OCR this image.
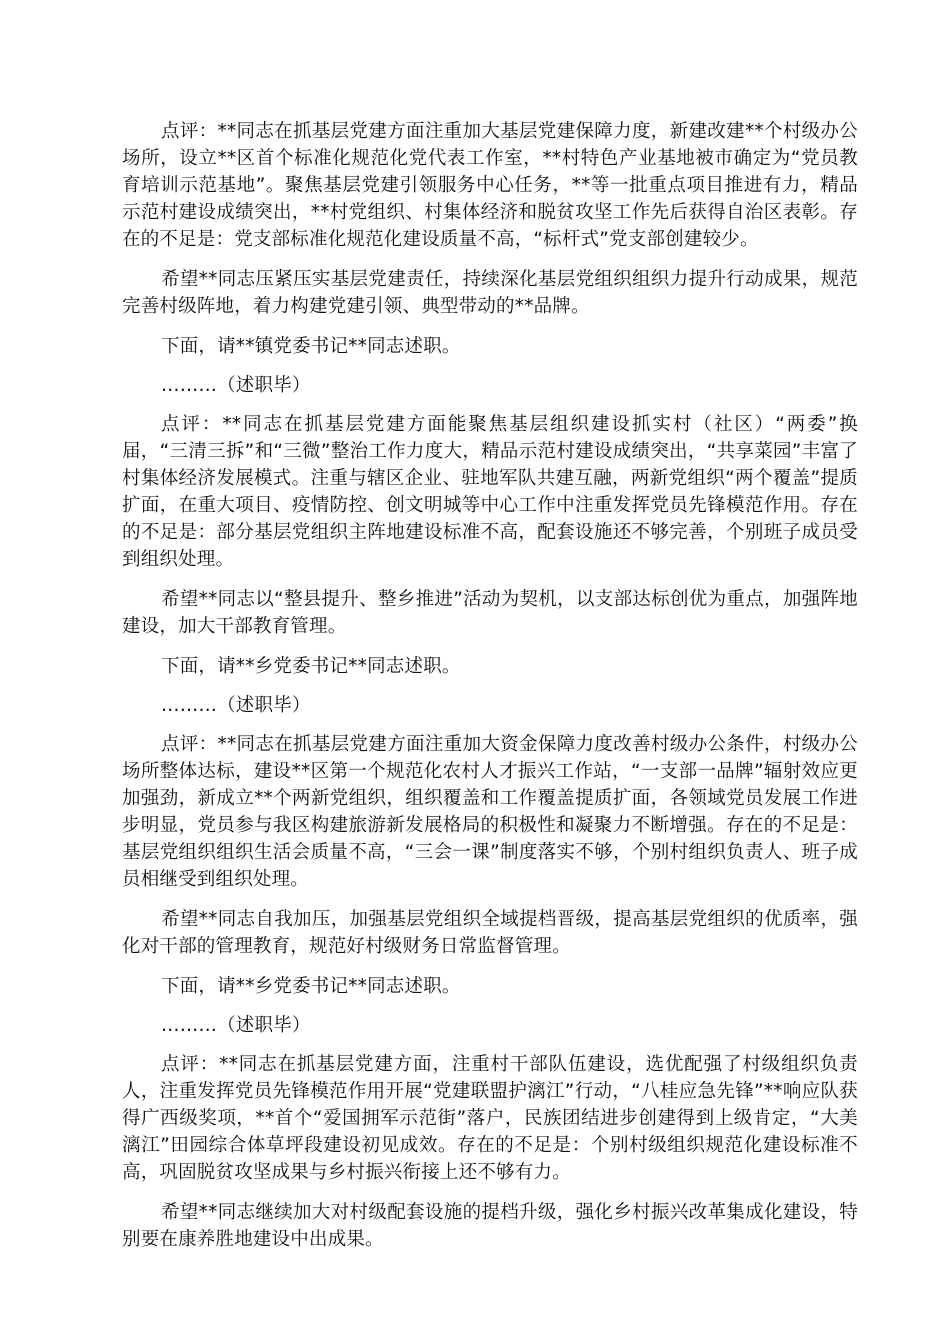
点评：**同志在抓基层党建方面注重加大基层党建保障力度，新建改建**个村级办公场所，设立**区首个标准化规范化党代表工作室，**村特色产业基地被市确定为“党员教育培训示范基地”。聚焦基层党建引领服务中心任务，**等一批重点项目推进有力，精品示范村建设成绩突出，**村党组织、村集体经济和脱贫攻坚工作先后获得自治区表彰。存在的不足是：党支部标准化规范化建设质量不高，“标杆式”党支部创建较少。

希望**同志压紧压实基层党建责任，持续深化基层党组织组织力提升行动成果，规范完善村级阵地，着力构建党建引领、典型带动的**品牌。

下面，请**镇党委书记**同志述职。

………（述职毕）

点评：**同志在抓基层党建方面能聚焦基层组织建设抓实村（社区）“两委”换届，“三清三拆”和“三微”整治工作力度大，精品示范村建设成绩突出，“共享菜园”丰富了村集体经济发展模式。注重与辖区企业、驻地军队共建互融，两新党组织“两个覆盖”提质扩面，在重大项目、疫情防控、创文明城等中心工作中注重发挥党员先锋模范作用。存在的不足是：部分基层党组织主阵地建设标准不高，配套设施还不够完善，个别班子成员受到组织处理。

希望**同志以“整县提升、整乡推进”活动为契机，以支部达标创优为重点，加强阵地建设，加大干部教育管理。

下面，请**乡党委书记**同志述职。

………（述职毕）

点评：**同志在抓基层党建方面注重加大资金保障力度改善村级办公条件，村级办公场所整体达标，建设**区第一个规范化农村人才振兴工作站，“一支部一品牌”辐射效应更加强劲，新成立**个两新党组织，组织覆盖和工作覆盖提质扩面，各领域党员发展工作进步明显，党员参与我区构建旅游新发展格局的积极性和凝聚力不断增强。存在的不足是：基层党组织组织生活会质量不高，“三会一课”制度落实不够，个别村组织负责人、班子成员相继受到组织处理。

希望**同志自我加压，加强基层党组织全域提档晋级，提高基层党组织的优质率，强化对干部的管理教育，规范好村级财务日常监督管理。

下面，请**乡党委书记**同志述职。

………（述职毕）

点评：**同志在抓基层党建方面，注重村干部队伍建设，选优配强了村级组织负责人，注重发挥党员先锋模范作用开展“党建联盟护漓江”行动，“八桂应急先锋”**响应队获得广西级奖项，**首个“爱国拥军示范街”落户，民族团结进步创建得到上级肯定，“大美漓江”田园综合体草坪段建设初见成效。存在的不足是：个别村级组织规范化建设标准不高，巩固脱贫攻坚成果与乡村振兴衔接上还不够有力。

希望**同志继续加大对村级配套设施的提档升级，强化乡村振兴改革集成化建设，特别要在康养胜地建设中出成果。
